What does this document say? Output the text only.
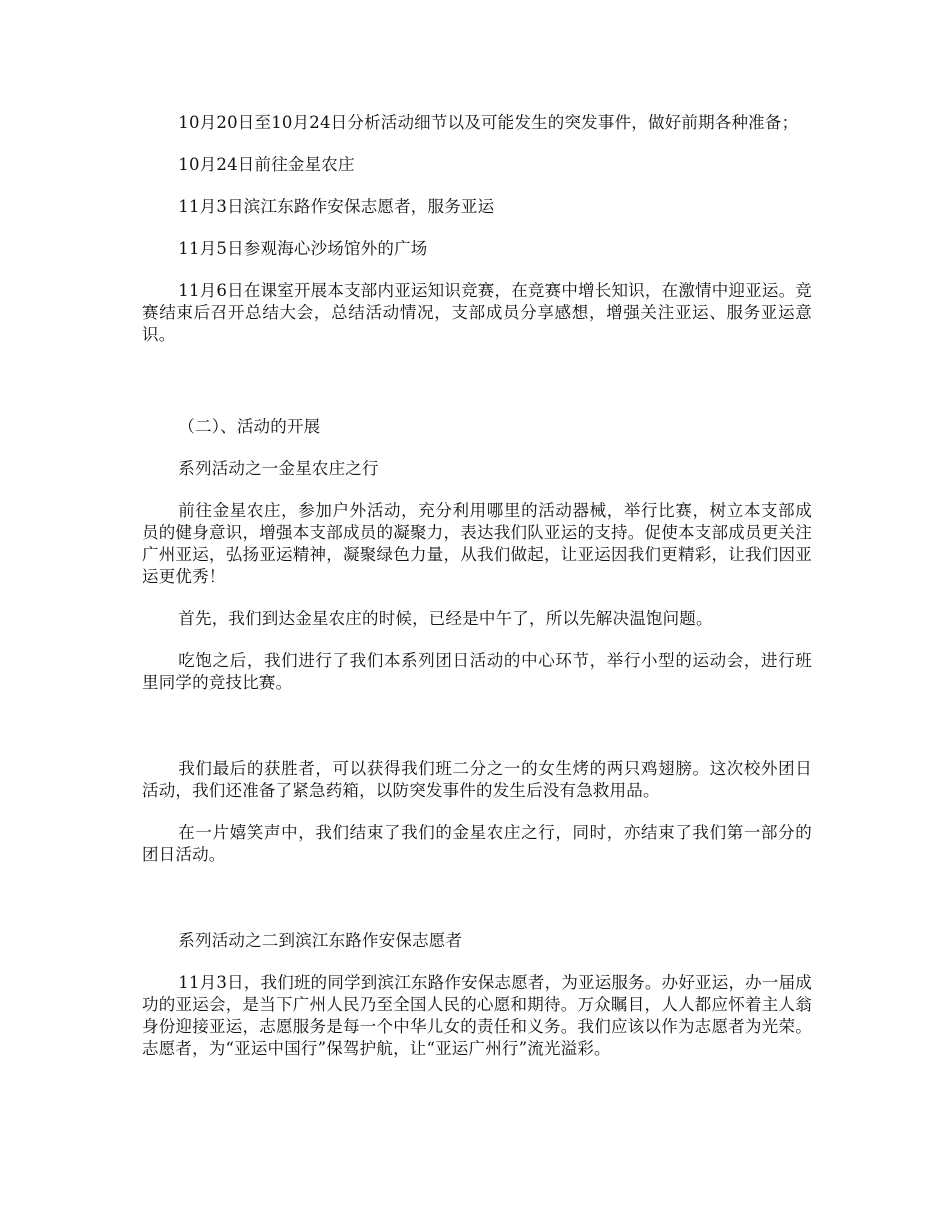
10月20日至10月24日分析活动细节以及可能发生的突发事件，做好前期各种准备；

10月24日前往金星农庄

11月3日滨江东路作安保志愿者，服务亚运

11月5日参观海心沙场馆外的广场

11月6日在课室开展本支部内亚运知识竞赛，在竞赛中增长知识，在激情中迎亚运。竞赛结束后召开总结大会，总结活动情况，支部成员分享感想，增强关注亚运、服务亚运意识。

（二）、活动的开展

系列活动之一金星农庄之行

前往金星农庄，参加户外活动，充分利用哪里的活动器械，举行比赛，树立本支部成员的健身意识，增强本支部成员的凝聚力，表达我们队亚运的支持。促使本支部成员更关注广州亚运，弘扬亚运精神，凝聚绿色力量，从我们做起，让亚运因我们更精彩，让我们因亚运更优秀！

首先，我们到达金星农庄的时候，已经是中午了，所以先解决温饱问题。

吃饱之后，我们进行了我们本系列团日活动的中心环节，举行小型的运动会，进行班里同学的竞技比赛。

我们最后的获胜者，可以获得我们班二分之一的女生烤的两只鸡翅膀。这次校外团日活动，我们还准备了紧急药箱，以防突发事件的发生后没有急救用品。

在一片嬉笑声中，我们结束了我们的金星农庄之行，同时，亦结束了我们第一部分的团日活动。

系列活动之二到滨江东路作安保志愿者

11月3日，我们班的同学到滨江东路作安保志愿者，为亚运服务。办好亚运，办一届成功的亚运会，是当下广州人民乃至全国人民的心愿和期待。万众瞩目，人人都应怀着主人翁身份迎接亚运，志愿服务是每一个中华儿女的责任和义务。我们应该以作为志愿者为光荣。志愿者，为“亚运中国行”保驾护航，让“亚运广州行”流光溢彩。
